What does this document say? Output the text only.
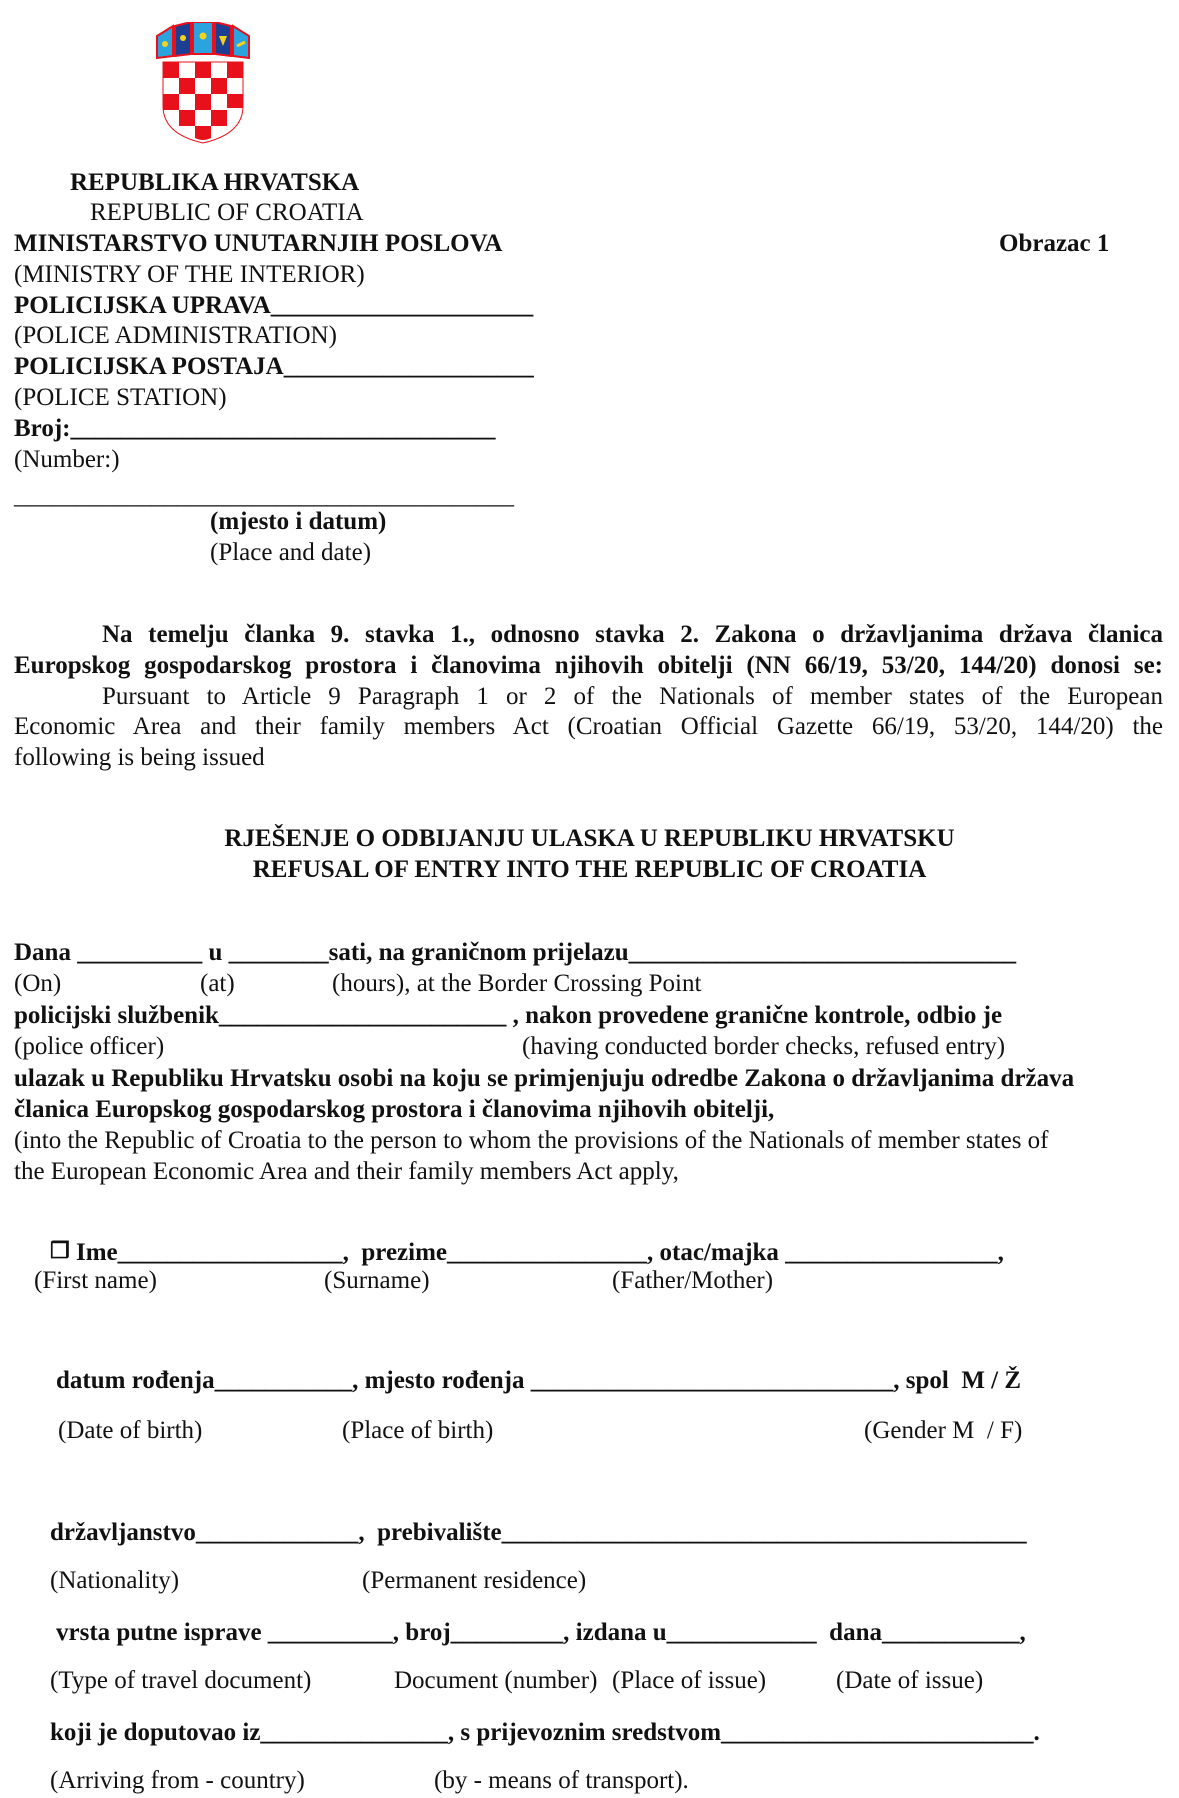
REPUBLIKA HRVATSKA
REPUBLIC OF CROATIA
MINISTARSTVO UNUTARNJIH POSLOVA	Obrazac 1
(MINISTRY OF THE INTERIOR)
POLICIJSKA UPRAVA_____________________
(POLICE ADMINISTRATION)
POLICIJSKA POSTAJA____________________
(POLICE STATION)
Broj:__________________________________
(Number:)
________________________________________
(mjesto i datum)
(Place and date)
Na temelju članka 9. stavka 1., odnosno stavka 2. Zakona o državljanima država članica
Europskog gospodarskog prostora i članovima njihovih obitelji (NN 66/19, 53/20, 144/20) donosi se:
Pursuant to Article 9 Paragraph 1 or 2 of the Nationals of member states of the European
Economic Area and their family members Act (Croatian Official Gazette 66/19, 53/20, 144/20) the
following is being issued
RJEŠENJE O ODBIJANJU ULASKA U REPUBLIKU HRVATSKU
REFUSAL OF ENTRY INTO THE REPUBLIC OF CROATIA
Dana __________ u ________sati, na graničnom prijelazu_______________________________
(On)	(at)	(hours), at the Border Crossing Point
policijski službenik_______________________ , nakon provedene granične kontrole, odbio je
(police officer)	(having conducted border checks, refused entry)
ulazak u Republiku Hrvatsku osobi na koju se primjenjuju odredbe Zakona o državljanima država
članica Europskog gospodarskog prostora i članovima njihovih obitelji,
(into the Republic of Croatia to the person to whom the provisions of the Nationals of member states of
the European Economic Area and their family members Act apply,
❒ Ime__________________,  prezime________________, otac/majka _________________,
(First name)	(Surname)	(Father/Mother)
datum rođenja___________, mjesto rođenja _____________________________, spol  M / Ž
(Date of birth)	(Place of birth)	(Gender M  / F)
državljanstvo_____________,  prebivalište__________________________________________
(Nationality)	(Permanent residence)
vrsta putne isprave __________, broj_________, izdana u____________  dana___________,
(Type of travel document)	Document (number) (Place of issue)	(Date of issue)
koji je doputovao iz_______________, s prijevoznim sredstvom_________________________.
(Arriving from - country)	(by - means of transport).
